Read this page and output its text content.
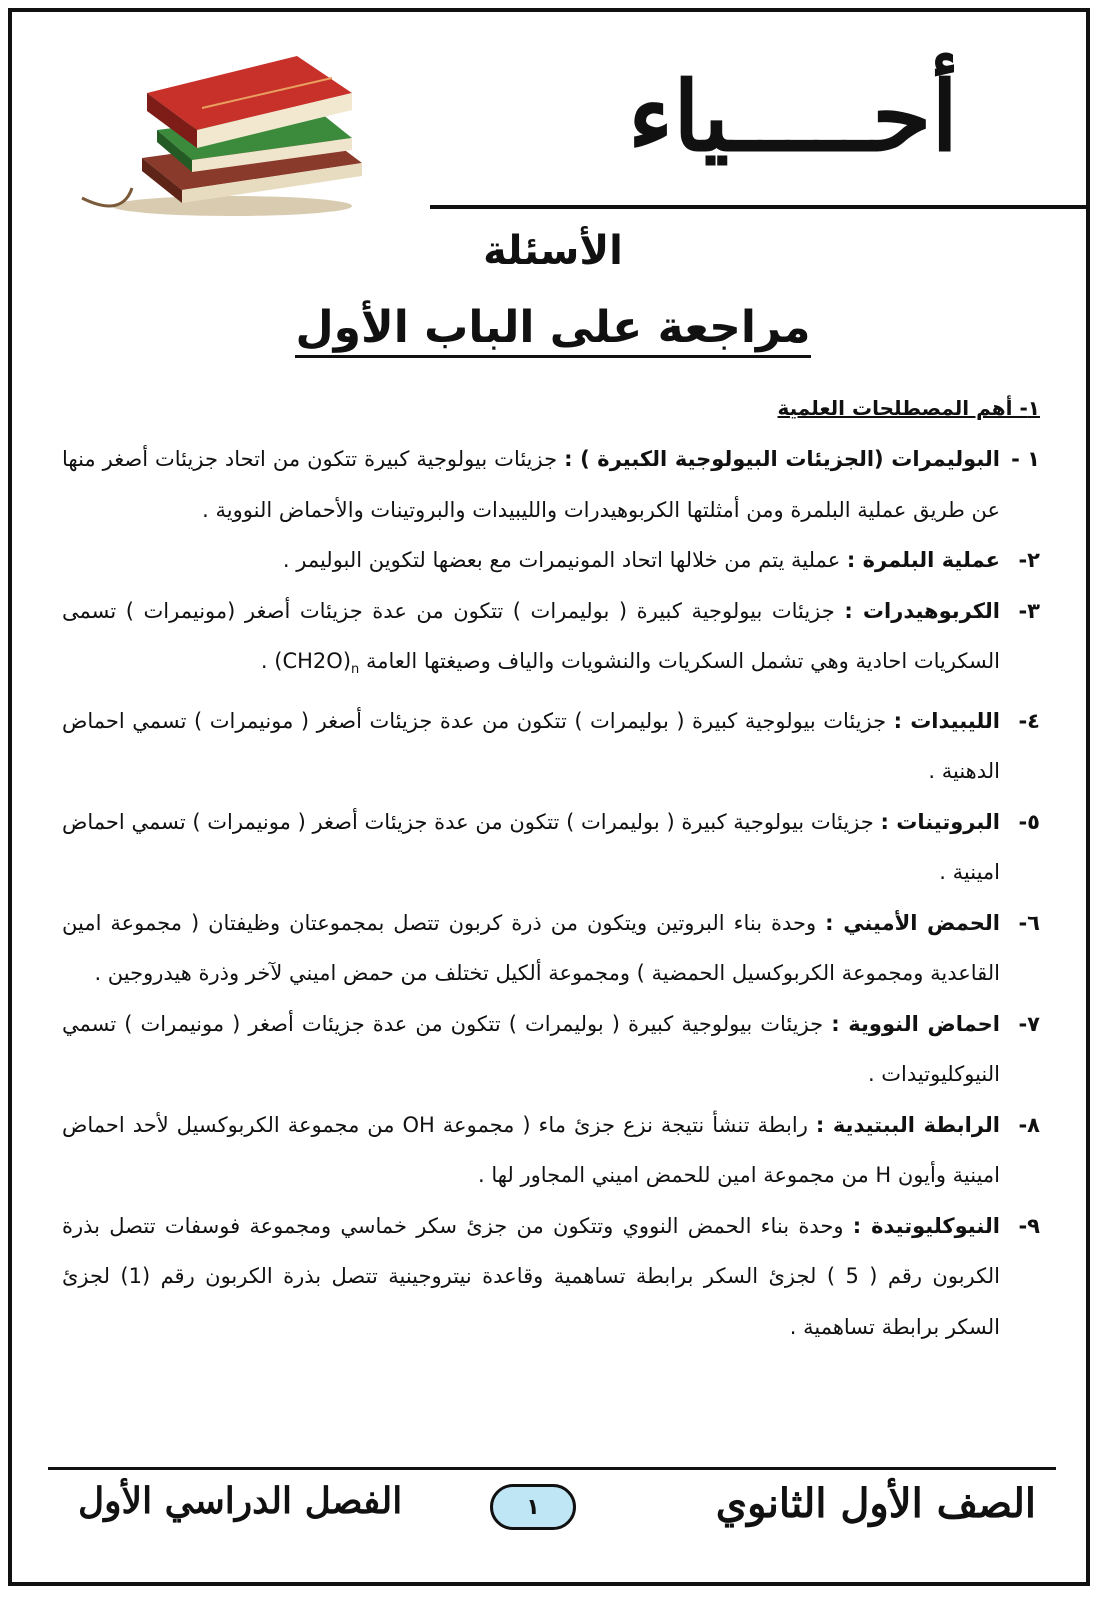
أحـــــياء
الأسئلة
مراجعة على الباب الأول
١- أهم المصطلحات العلمية

١ -
البوليمرات (الجزيئات البيولوجية الكبيرة ) : جزيئات بيولوجية كبيرة تتكون من اتحاد جزيئات أصغر منها عن طريق عملية البلمرة ومن أمثلتها الكربوهيدرات والليبيدات والبروتينات والأحماض النووية .

٢-
عملية البلمرة : عملية يتم من خلالها اتحاد المونيمرات مع بعضها لتكوين البوليمر .

٣-
الكربوهيدرات : جزيئات بيولوجية كبيرة ( بوليمرات ) تتكون من عدة جزيئات أصغر (مونيمرات ) تسمى السكريات احادية وهي تشمل السكريات والنشويات والياف وصيغتها العامة $(CH2O)_n$ .

٤-
الليبيدات : جزيئات بيولوجية كبيرة ( بوليمرات ) تتكون من عدة جزيئات أصغر ( مونيمرات ) تسمي احماض الدهنية .

٥-
البروتينات : جزيئات بيولوجية كبيرة ( بوليمرات ) تتكون من عدة جزيئات أصغر ( مونيمرات ) تسمي احماض امينية .

٦-
الحمض الأميني : وحدة بناء البروتين ويتكون من ذرة كربون تتصل بمجموعتان وظيفتان ( مجموعة امين القاعدية ومجموعة الكربوكسيل الحمضية ) ومجموعة ألكيل تختلف من حمض اميني لآخر وذرة هيدروجين .

٧-
احماض النووية : جزيئات بيولوجية كبيرة ( بوليمرات ) تتكون من عدة جزيئات أصغر ( مونيمرات ) تسمي النيوكليوتيدات .

٨-
الرابطة الببتيدية : رابطة تنشأ نتيجة نزع جزئ ماء ( مجموعة OH من مجموعة الكربوكسيل لأحد احماض امينية وأيون H من مجموعة امين للحمض اميني المجاور لها .

٩-
النيوكليوتيدة : وحدة بناء الحمض النووي وتتكون من جزئ سكر خماسي ومجموعة فوسفات تتصل بذرة الكربون رقم ( 5 ) لجزئ السكر برابطة تساهمية وقاعدة نيتروجينية تتصل بذرة الكربون رقم (1) لجزئ السكر برابطة تساهمية .

الفصل الدراسي الأول	١	الصف الأول الثانوي
